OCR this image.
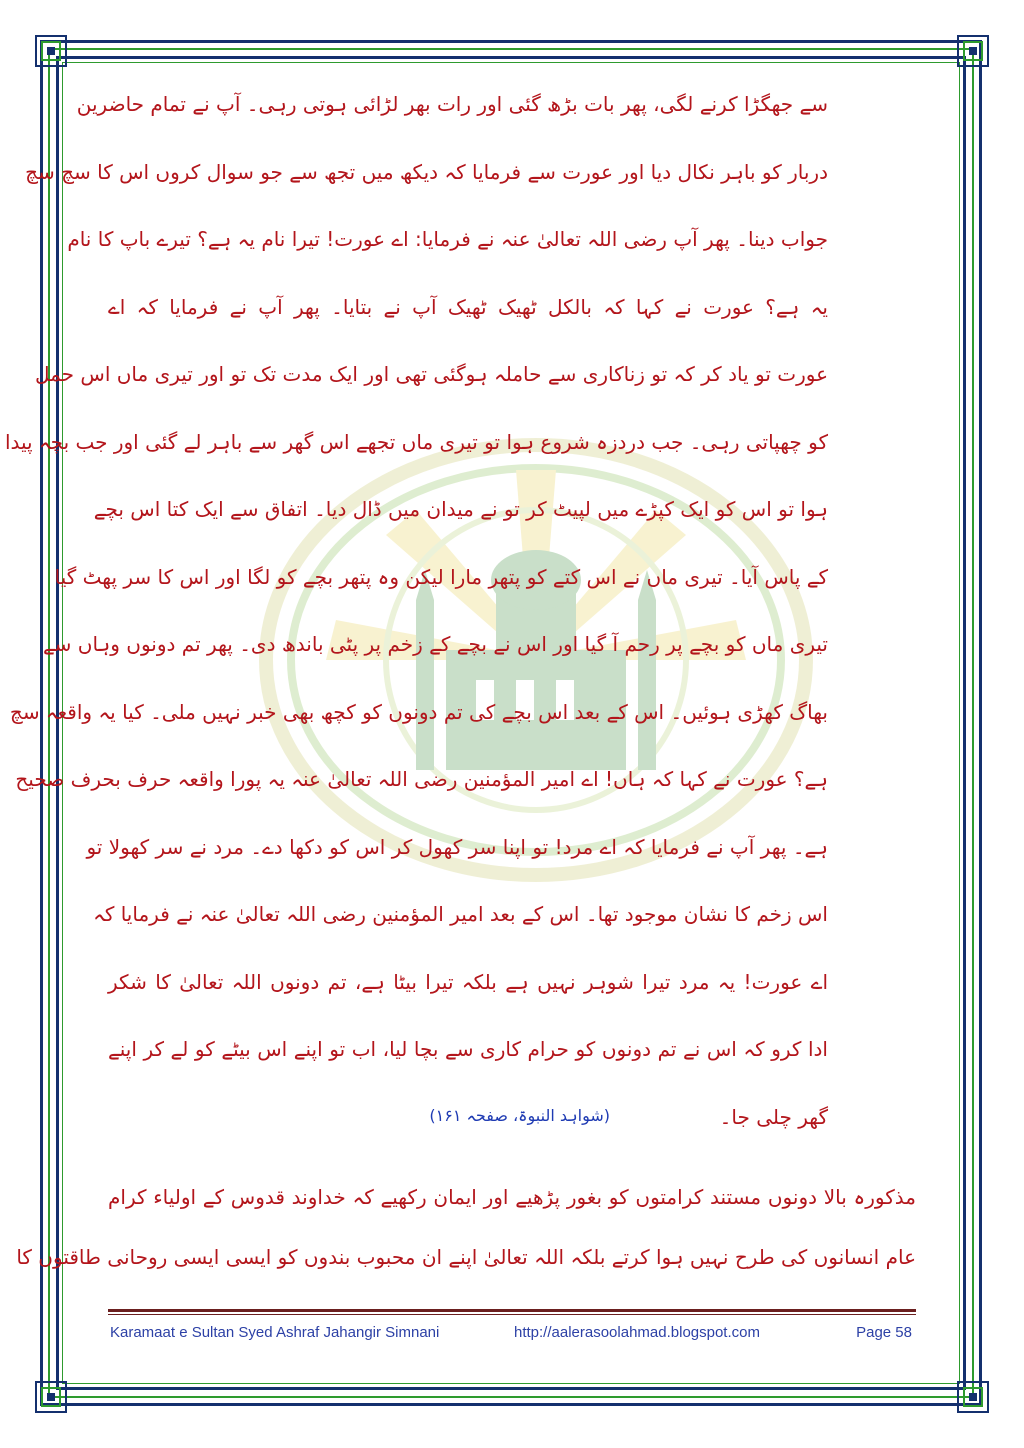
سے جھگڑا کرنے لگی، پھر بات بڑھ گئی اور رات بھر لڑائی ہوتی رہی۔ آپ نے تمام حاضرین
دربار کو باہر نکال دیا اور عورت سے فرمایا کہ دیکھ میں تجھ سے جو سوال کروں اس کا سچ سچ
جواب دینا۔ پھر آپ رضی اللہ تعالیٰ عنہ نے فرمایا: اے عورت! تیرا نام یہ ہے؟ تیرے باپ کا نام
یہ ہے؟ عورت نے کہا کہ بالکل ٹھیک ٹھیک آپ نے بتایا۔ پھر آپ نے فرمایا کہ اے
عورت تو یاد کر کہ تو زناکاری سے حاملہ ہوگئی تھی اور ایک مدت تک تو اور تیری ماں اس حمل
کو چھپاتی رہی۔ جب دردزہ شروع ہوا تو تیری ماں تجھے اس گھر سے باہر لے گئی اور جب بچہ پیدا
ہوا تو اس کو ایک کپڑے میں لپیٹ کر تو نے میدان میں ڈال دیا۔ اتفاق سے ایک کتا اس بچے
کے پاس آیا۔ تیری ماں نے اس کتے کو پتھر مارا لیکن وہ پتھر بچے کو لگا اور اس کا سر پھٹ گیا
تیری ماں کو بچے پر رحم آ گیا اور اس نے بچے کے زخم پر پٹی باندھ دی۔ پھر تم دونوں وہاں سے
بھاگ کھڑی ہوئیں۔ اس کے بعد اس بچے کی تم دونوں کو کچھ بھی خبر نہیں ملی۔ کیا یہ واقعہ سچ
ہے؟ عورت نے کہا کہ ہاں! اے امیر المؤمنین رضی اللہ تعالیٰ عنہ یہ پورا واقعہ حرف بحرف صحیح
ہے۔ پھر آپ نے فرمایا کہ اے مرد! تو اپنا سر کھول کر اس کو دکھا دے۔ مرد نے سر کھولا تو
اس زخم کا نشان موجود تھا۔ اس کے بعد امیر المؤمنین رضی اللہ تعالیٰ عنہ نے فرمایا کہ
اے عورت! یہ مرد تیرا شوہر نہیں ہے بلکہ تیرا بیٹا ہے، تم دونوں اللہ تعالیٰ کا شکر
ادا کرو کہ اس نے تم دونوں کو حرام کاری سے بچا لیا، اب تو اپنے اس بیٹے کو لے کر اپنے
گھر چلی جا۔
(شواہد النبوۃ، صفحہ ۱۶۱)
مذکورہ بالا دونوں مستند کرامتوں کو بغور پڑھیے اور ایمان رکھیے کہ خداوند قدوس کے اولیاء کرام
عام انسانوں کی طرح نہیں ہوا کرتے بلکہ اللہ تعالیٰ اپنے ان محبوب بندوں کو ایسی ایسی روحانی طاقتوں کا
Karamaat e Sultan Syed Ashraf Jahangir Simnani	http://aalerasoolahmad.blogspot.com	Page 58
